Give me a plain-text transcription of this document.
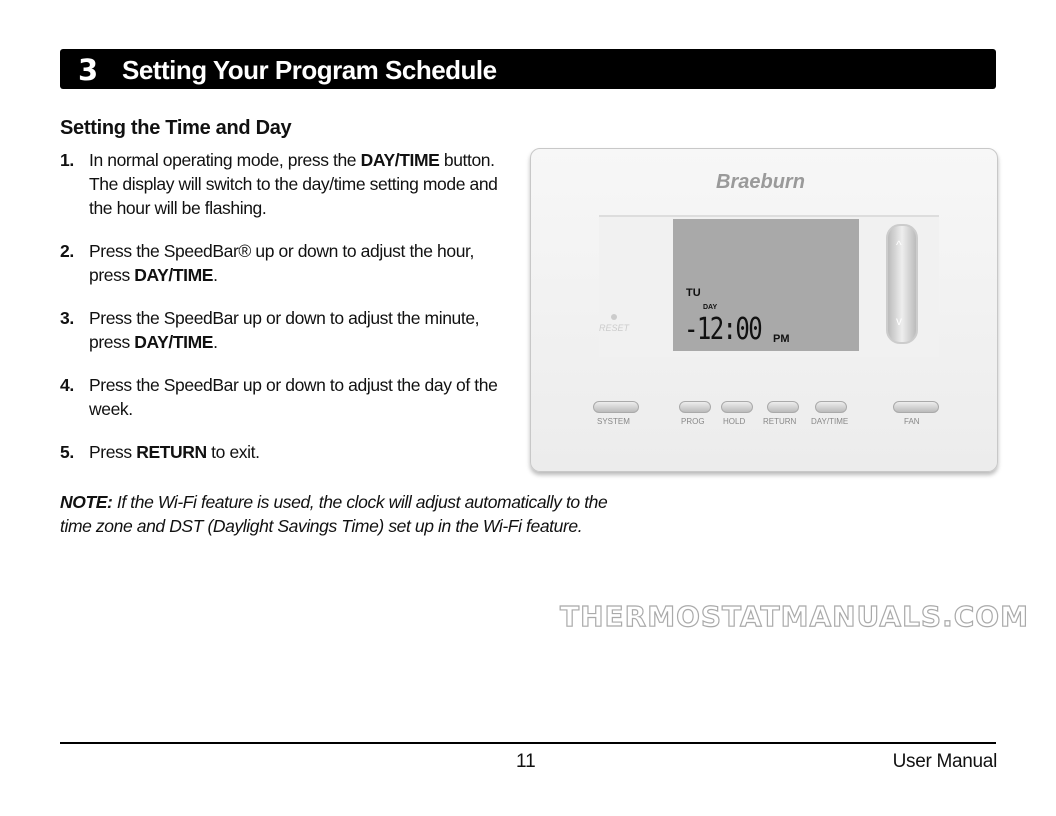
3 Setting Your Program Schedule
Setting the Time and Day
1. In normal operating mode, press the DAY/TIME button. The display will switch to the day/time setting mode and the hour will be flashing.
2. Press the SpeedBar® up or down to adjust the hour, press DAY/TIME.
3. Press the SpeedBar up or down to adjust the minute, press DAY/TIME.
4. Press the SpeedBar up or down to adjust the day of the week.
5. Press RETURN to exit.
NOTE: If the Wi-Fi feature is used, the clock will adjust automatically to the time zone and DST (Daylight Savings Time) set up in the Wi-Fi feature.
Braeburn
TU
DAY
-12:00 PM
RESET
^
v
SYSTEM	PROG HOLD RETURN DAY/TIME	FAN
THERMOSTATMANUALS.COM
11	User Manual
